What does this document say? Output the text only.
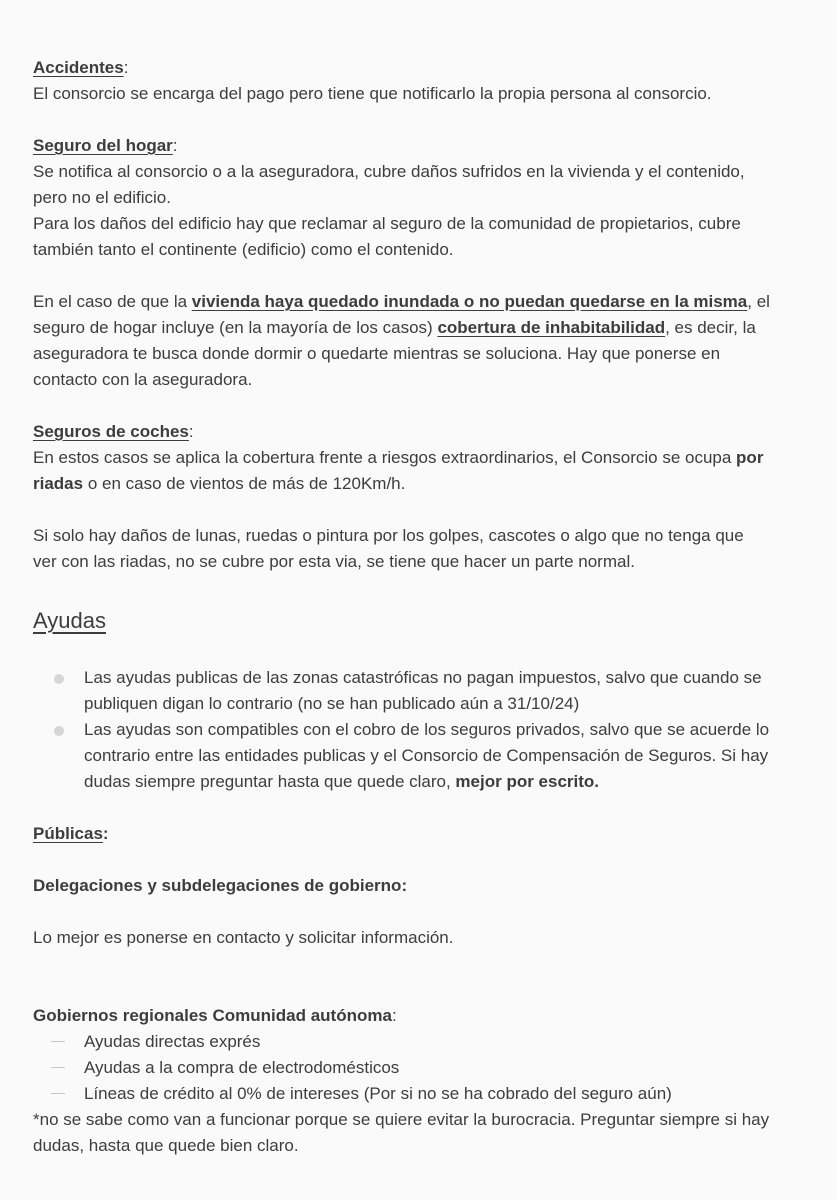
Accidentes:

El consorcio se encarga del pago pero tiene que notificarlo la propia persona al consorcio.

Seguro del hogar:

Se notifica al consorcio o a la aseguradora, cubre daños sufridos en la vivienda y el contenido,

pero no el edificio.

Para los daños del edificio hay que reclamar al seguro de la comunidad de propietarios, cubre

también tanto el continente (edificio) como el contenido.

En el caso de que la vivienda haya quedado inundada o no puedan quedarse en la misma, el

seguro de hogar incluye (en la mayoría de los casos) cobertura de inhabitabilidad, es decir, la

aseguradora te busca donde dormir o quedarte mientras se soluciona. Hay que ponerse en

contacto con la aseguradora.

Seguros de coches:

En estos casos se aplica la cobertura frente a riesgos extraordinarios, el Consorcio se ocupa por

riadas o en caso de vientos de más de 120Km/h.

Si solo hay daños de lunas, ruedas o pintura por los golpes, cascotes o algo que no tenga que

ver con las riadas, no se cubre por esta via, se tiene que hacer un parte normal.

Ayudas

Las ayudas publicas de las zonas catastróficas no pagan impuestos, salvo que cuando se

publiquen digan lo contrario (no se han publicado aún a 31/10/24)

Las ayudas son compatibles con el cobro de los seguros privados, salvo que se acuerde lo

contrario entre las entidades publicas y el Consorcio de Compensación de Seguros. Si hay

dudas siempre preguntar hasta que quede claro, mejor por escrito.

Públicas:

Delegaciones y subdelegaciones de gobierno:

Lo mejor es ponerse en contacto y solicitar información.

Gobiernos regionales Comunidad autónoma:

Ayudas directas exprés
Ayudas a la compra de electrodomésticos
Líneas de crédito al 0% de intereses (Por si no se ha cobrado del seguro aún)

*no se sabe como van a funcionar porque se quiere evitar la burocracia. Preguntar siempre si hay

dudas, hasta que quede bien claro.
